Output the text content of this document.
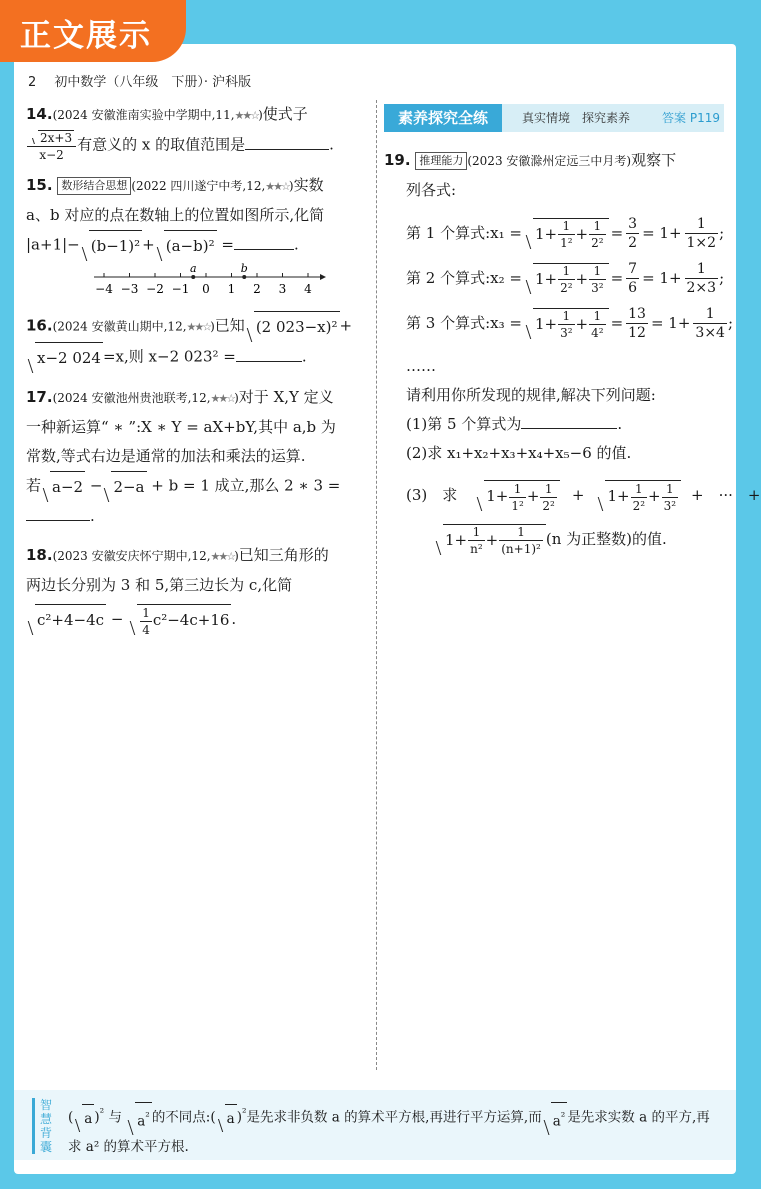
正文展示
2 初中数学（八年级　下册）· 沪科版
14.(2024 安徽淮南实验中学期中,11,★★☆)使式子
$\frac{2x+3}{x-2}$ 有意义的 x 的取值范围是	.
15. 数形结合思想 (2022 四川遂宁中考,12,★★☆)实数
a、b 对应的点在数轴上的位置如图所示,化简
|a+1|− (b−1)² + (a−b)² =	.
−4 −3 −2 −1 0 1 2 3 4
a	b
16.(2024 安徽黄山期中,12,★★☆)已知 (2 023−x)² +
x−2 024 =x,则 x−2 023² =	.
17.(2024 安徽池州贵池联考,12,★★☆)对于 X,Y 定义
一种新运算“ ∗ ”:X ∗ Y = aX+bY,其中 a,b 为
常数,等式右边是通常的加法和乘法的运算.
若 a−2 − 2−a + b = 1 成立,那么 2 ∗ 3 =
.
18.(2023 安徽安庆怀宁期中,12,★★☆)已知三角形的
两边长分别为 3 和 5,第三边长为 c,化简
$c^2+4-4c - \frac{1}{4} c^2-4c+16$ .
素养探究全练	真实情境　探究素养	答案 P119
19. 推理能力 (2023 安徽滁州定远三中月考)观察下
列各式:
第 1 个算式:x₁ = $1+ \frac{1}{\text{1²}} + \frac{1}{\text{2²}} = \frac{3}{2} = 1+ \frac{1}{1\times 2}$ ;
第 2 个算式:x₂ = $1+ \frac{1}{\text{2²}} + \frac{1}{\text{3²}} = \frac{7}{6} = 1+ \frac{1}{2\times 3}$ ;
第 3 个算式:x₃ = $1+ \frac{1}{\text{3²}} + \frac{1}{\text{4²}} = \frac{13}{12} = 1+ \frac{1}{3\times 4}$ ;
……
请利用你所发现的规律,解决下列问题:
(1)第 5 个算式为	.
(2)求 x₁+x₂+x₃+x₄+x₅−6 的值.
(3)　求	$1+ \frac{1}{\text{1²}} + \frac{1}{\text{2²}}$ +	$1+ \frac{1}{\text{2²}} + \frac{1}{\text{3²}}$ +　···　+
$1+ \frac{1}{\text{n²}} + \frac{1}{\text{(n+1)²}} (n$ 为正整数)的值.
智慧背囊
( a )$^{^2}$ 与 $a^{^2}$ 的不同点:( a )$^{^2}$是先求非负数 a 的算术平方根,再进行平方运算,而 $a^{^2}$ 是先求实数 a 的平方,再求 a² 的算术平方根.
